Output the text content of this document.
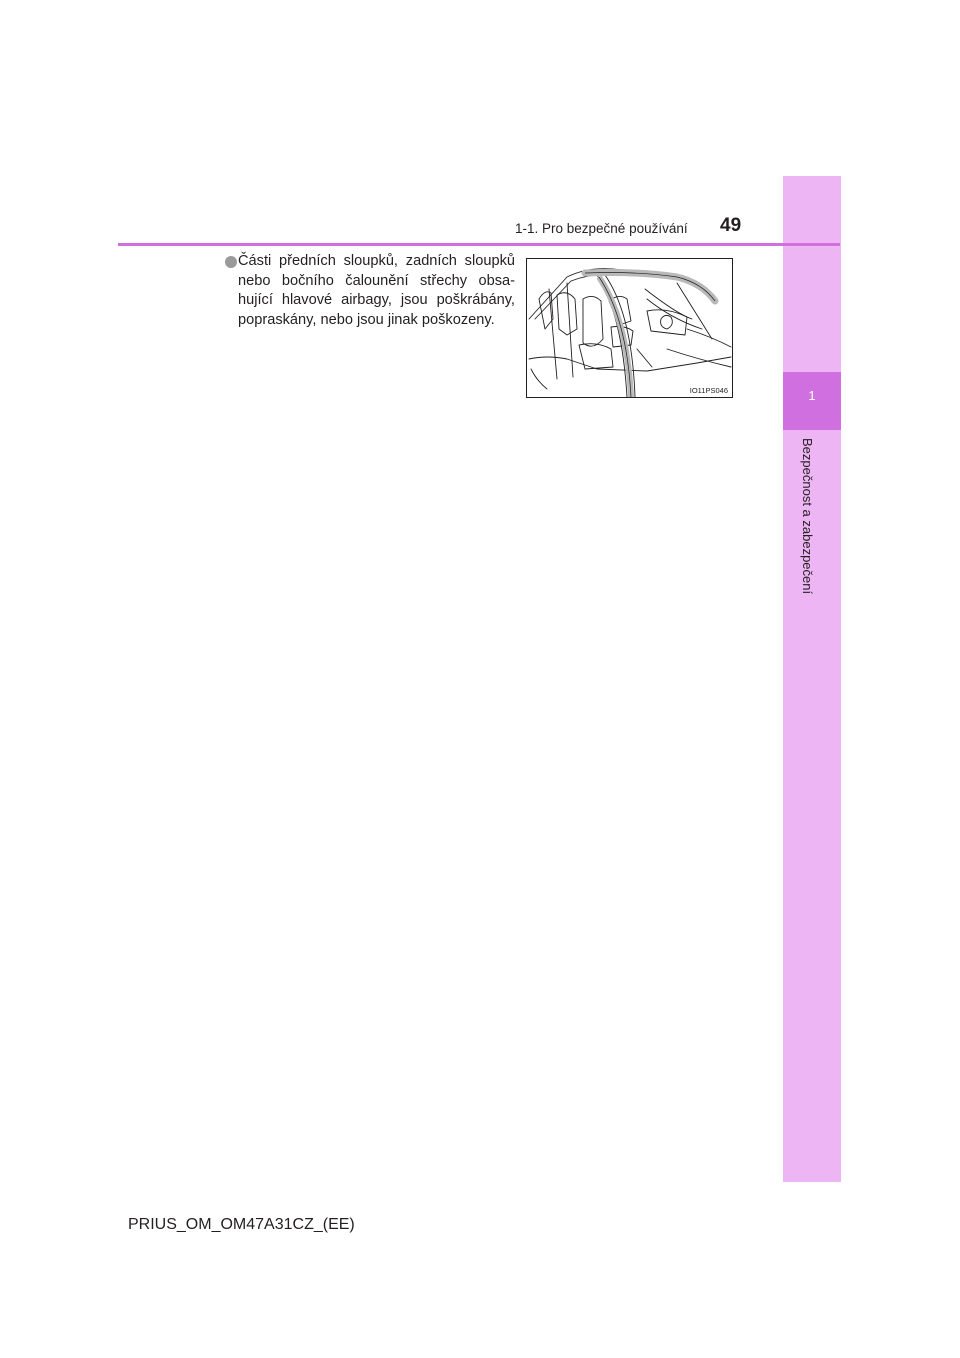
1
Bezpečnost a zabezpečení
1-1. Pro bezpečné používání 49
Části předních sloupků, zadních sloupků nebo bočního čalounění střechy obsa-hující hlavové airbagy, jsou poškrábány, popraskány, nebo jsou jinak poškozeny.
IO11PS046
PRIUS_OM_OM47A31CZ_(EE)
